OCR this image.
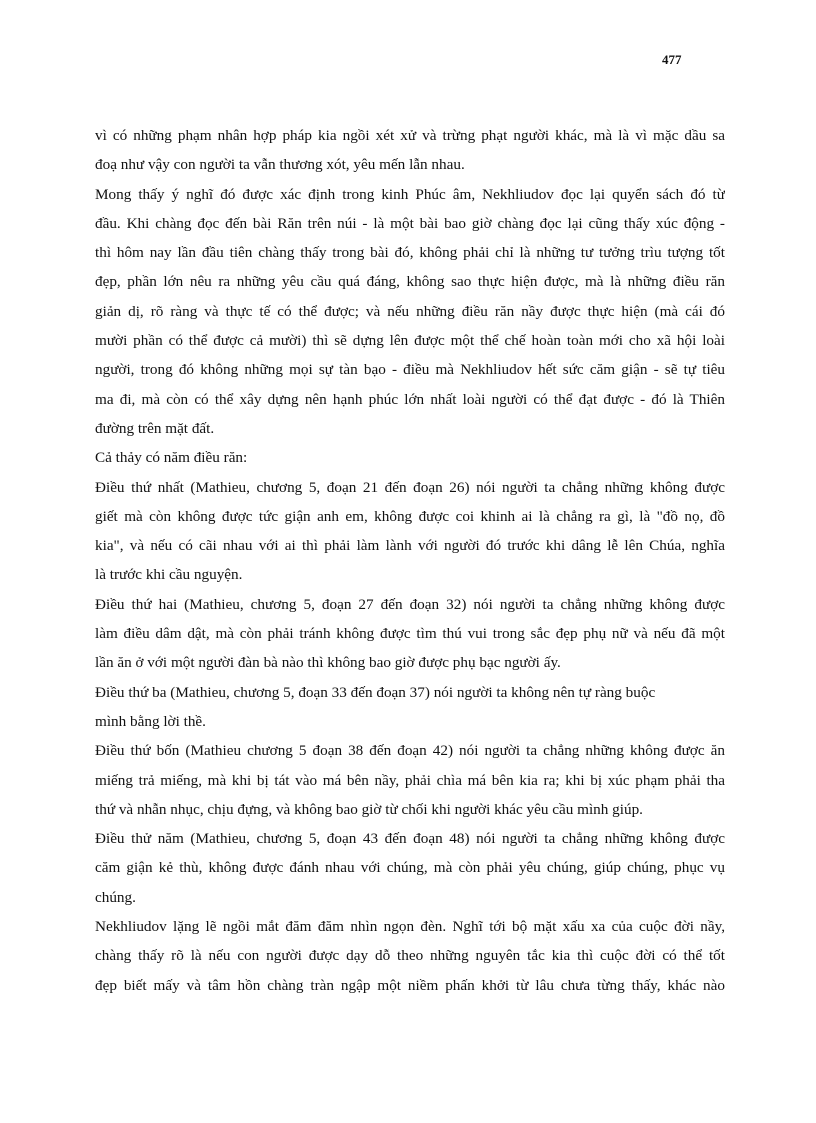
477
vì có những phạm nhân hợp pháp kia ngồi xét xử và trừng phạt người khác, mà là vì mặc dầu sa
đoạ như vậy con người ta vẫn thương xót, yêu mến lẫn nhau.
Mong thấy ý nghĩ đó được xác định trong kinh Phúc âm, Nekhliudov đọc lại quyển sách đó từ
đầu. Khi chàng đọc đến bài Răn trên núi - là một bài bao giờ chàng đọc lại cũng thấy xúc động -
thì hôm nay lần đầu tiên chàng thấy trong bài đó, không phải chỉ là những tư tưởng trìu tượng tốt
đẹp, phần lớn nêu ra những yêu cầu quá đáng, không sao thực hiện được, mà là những điều răn
giản dị, rõ ràng và thực tế có thể được; và nếu những điều răn nầy được thực hiện (mà cái đó
mười phần có thể được cả mười) thì sẽ dựng lên được một thể chế hoàn toàn mới cho xã hội loài
người, trong đó không những mọi sự tàn bạo - điều mà Nekhliudov hết sức căm giận - sẽ tự tiêu
ma đi, mà còn có thể xây dựng nên hạnh phúc lớn nhất loài người có thể đạt được - đó là Thiên
đường trên mặt đất.
Cả thảy có năm điều răn:
Điều thứ nhất (Mathieu, chương 5, đoạn 21 đến đoạn 26) nói người ta chẳng những không được
giết mà còn không được tức giận anh em, không được coi khinh ai là chẳng ra gì, là "đồ nọ, đồ
kia", và nếu có cãi nhau với ai thì phải làm lành với người đó trước khi dâng lễ lên Chúa, nghĩa
là trước khi cầu nguyện.
Điều thứ hai (Mathieu, chương 5, đoạn 27 đến đoạn 32) nói người ta chẳng những không được
làm điều dâm dật, mà còn phải tránh không được tìm thú vui trong sắc đẹp phụ nữ và nếu đã một
lần ăn ở với một người đàn bà nào thì không bao giờ được phụ bạc người ấy.
Điều thứ ba (Mathieu, chương 5, đoạn 33 đến đoạn 37) nói người ta không nên tự ràng buộc
mình bằng lời thề.
Điều thứ bốn (Mathieu chương 5 đoạn 38 đến đoạn 42) nói người ta chẳng những không được ăn
miếng trả miếng, mà khi bị tát vào má bên nầy, phải chìa má bên kia ra; khi bị xúc phạm phải tha
thứ và nhẫn nhục, chịu đựng, và không bao giờ từ chối khi người khác yêu cầu mình giúp.
Điều thử năm (Mathieu, chương 5, đoạn 43 đến đoạn 48) nói người ta chẳng những không được
căm giận kẻ thù, không được đánh nhau với chúng, mà còn phải yêu chúng, giúp chúng, phục vụ
chúng.
Nekhliudov lặng lẽ ngồi mắt đăm đăm nhìn ngọn đèn. Nghĩ tới bộ mặt xấu xa của cuộc đời nầy,
chàng thấy rõ là nếu con người được dạy dỗ theo những nguyên tắc kia thì cuộc đời có thể tốt
đẹp biết mấy và tâm hồn chàng tràn ngập một niềm phấn khởi từ lâu chưa từng thấy, khác nào
